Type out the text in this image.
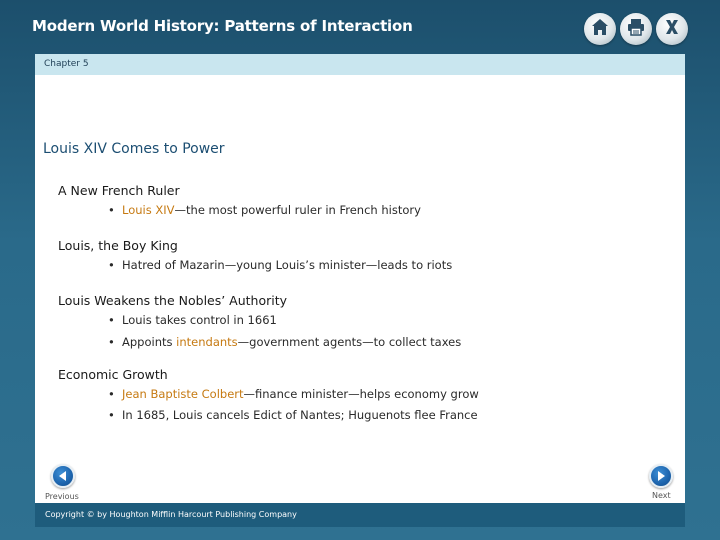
Modern World History: Patterns of Interaction
Chapter 5
Louis XIV Comes to Power
A New French Ruler
• Louis XIV—the most powerful ruler in French history
Louis, the Boy King
• Hatred of Mazarin—young Louis’s minister—leads to riots
Louis Weakens the Nobles’ Authority
• Louis takes control in 1661
• Appoints intendants—government agents—to collect taxes
Economic Growth
• Jean Baptiste Colbert—finance minister—helps economy grow
• In 1685, Louis cancels Edict of Nantes; Huguenots flee France
Previous	Next
Copyright © by Houghton Mifflin Harcourt Publishing Company
